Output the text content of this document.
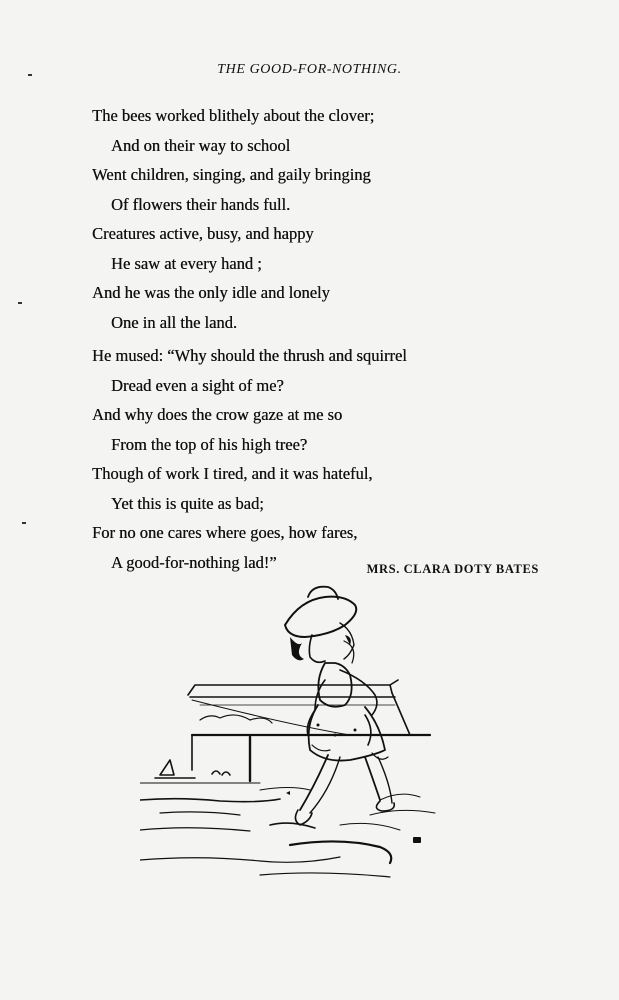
THE GOOD-FOR-NOTHING.
The bees worked blithely about the clover;
And on their way to school
Went children, singing, and gaily bringing
Of flowers their hands full.
Creatures active, busy, and happy
He saw at every hand ;
And he was the only idle and lonely
One in all the land.
He mused: “Why should the thrush and squirrel
Dread even a sight of me?
And why does the crow gaze at me so
From the top of his high tree?
Though of work I tired, and it was hateful,
Yet this is quite as bad;
For no one cares where goes, how fares,
A good-for-nothing lad!”	MRS. CLARA DOTY BATES
